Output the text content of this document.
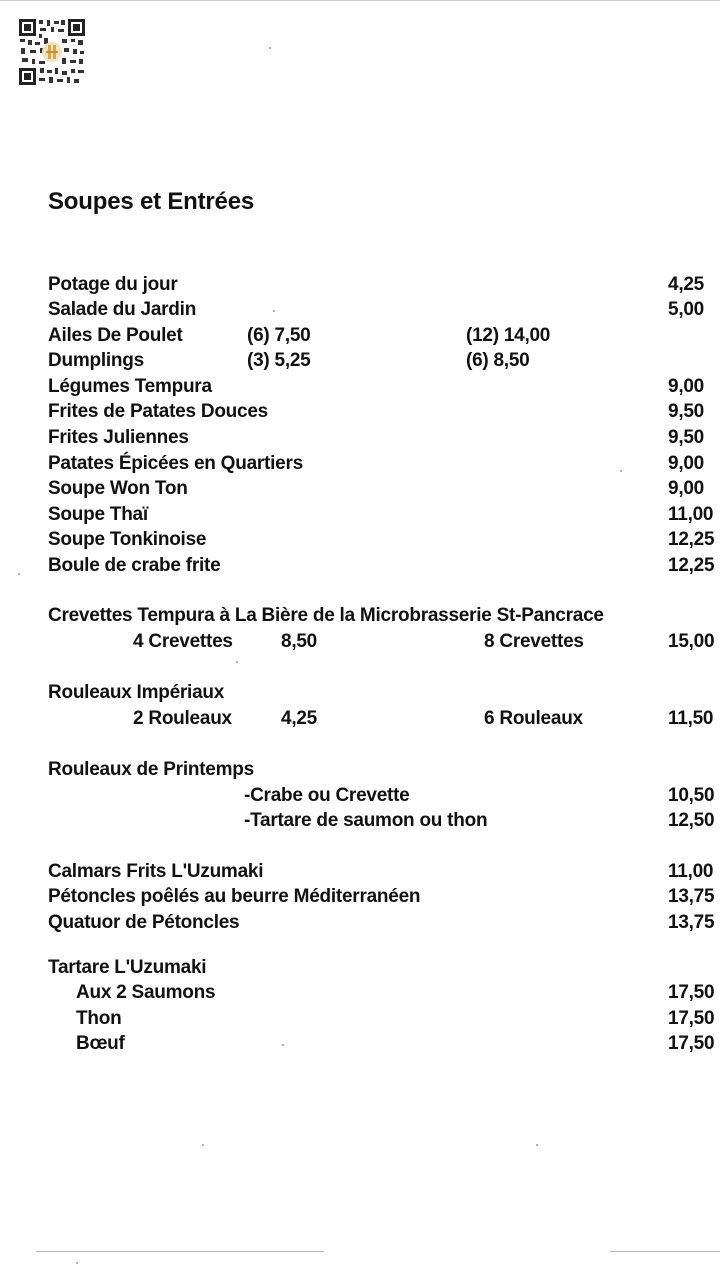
Soupes et Entrées
Potage du jour	4,25
Salade du Jardin	5,00
Ailes De Poulet	(6) 7,50	(12) 14,00
Dumplings	(3) 5,25	(6) 8,50
Légumes Tempura	9,00
Frites de Patates Douces	9,50
Frites Juliennes	9,50
Patates Épicées en Quartiers	9,00
Soupe Won Ton	9,00
Soupe Thaï	11,00
Soupe Tonkinoise	12,25
Boule de crabe frite	12,25
Crevettes Tempura à La Bière de la Microbrasserie St-Pancrace
4 Crevettes	8,50	8 Crevettes	15,00
Rouleaux Impériaux
2 Rouleaux	4,25	6 Rouleaux	11,50
Rouleaux de Printemps
-Crabe ou Crevette	10,50
-Tartare de saumon ou thon	12,50
Calmars Frits L'Uzumaki	11,00
Pétoncles poêlés au beurre Méditerranéen	13,75
Quatuor de Pétoncles	13,75
Tartare L'Uzumaki
Aux 2 Saumons	17,50
Thon	17,50
Bœuf	17,50
